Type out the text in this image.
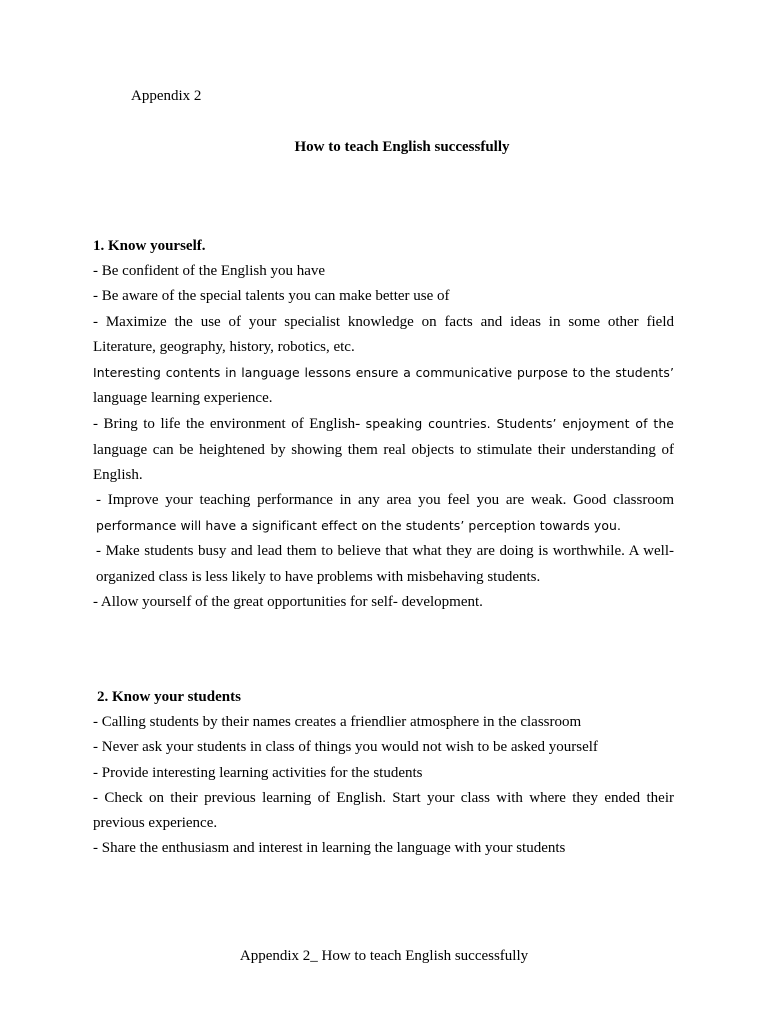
Appendix 2
How to teach English successfully

1. Know yourself.

- Be confident of the English you have

- Be aware of the special talents you can make better use of

- Maximize the use of your specialist knowledge on facts and ideas in some other field Literature, geography, history, robotics, etc.

Interesting contents in language lessons ensure a communicative purpose to the students’ language learning experience.

- Bring to life the environment of English- speaking countries. Students’ enjoyment of the language can be heightened by showing them real objects to stimulate their understanding of English.

- Improve your teaching performance in any area you feel you are weak. Good classroom performance will have a significant effect on the students’ perception towards you.

- Make students busy and lead them to believe that what they are doing is worthwhile. A well- organized class is less likely to have problems with misbehaving students.

- Allow yourself of the great opportunities for self- development.

2. Know your students

- Calling students by their names creates a friendlier atmosphere in the classroom

- Never ask your students in class of things you would not wish to be asked yourself

- Provide interesting learning activities for the students

- Check on their previous learning of English. Start your class with where they ended their previous experience.

- Share the enthusiasm and interest in learning the language with your students

Appendix 2_ How to teach English successfully
